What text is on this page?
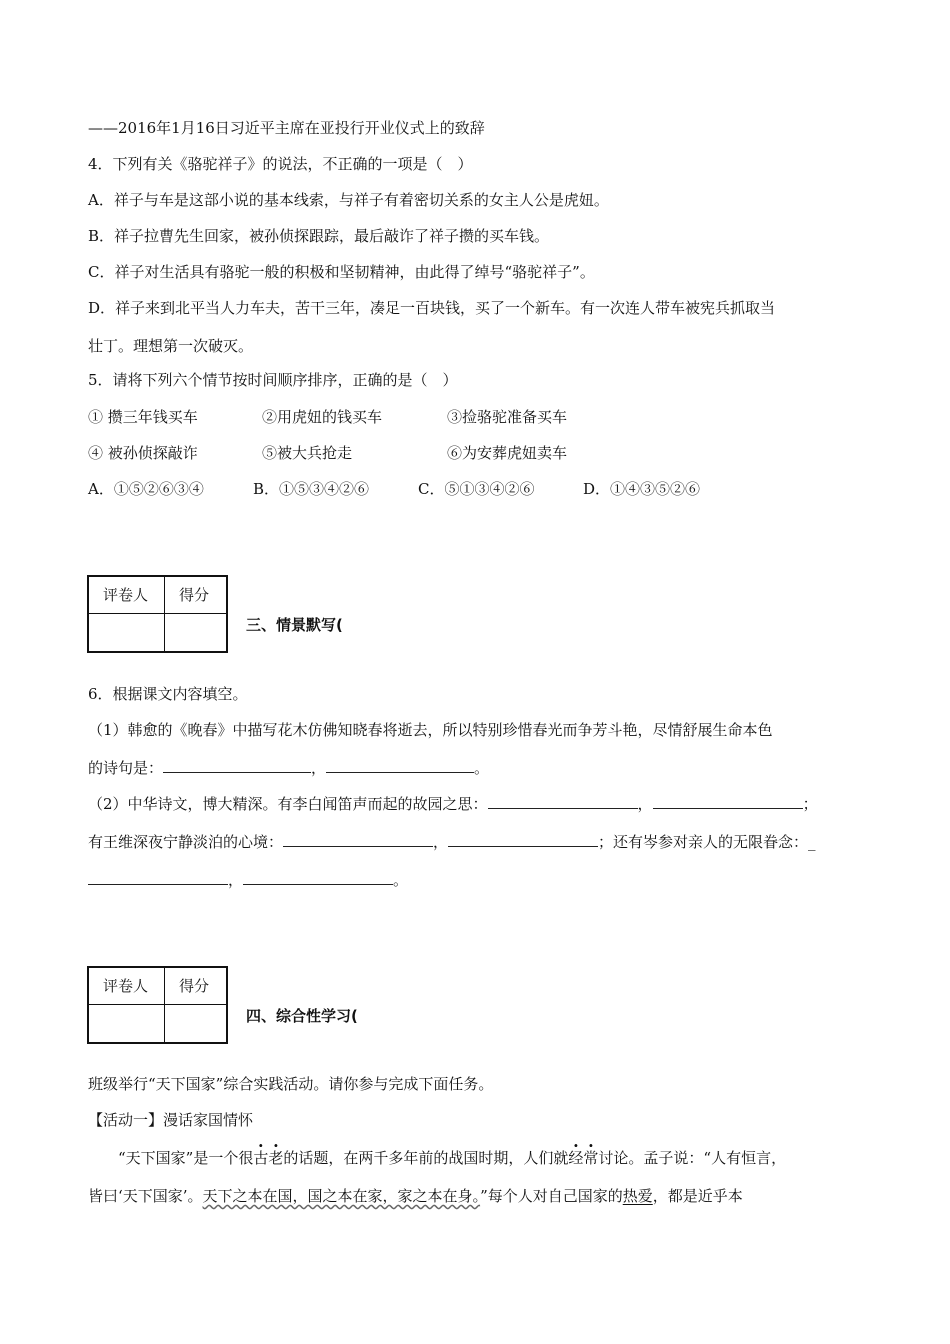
——2016年1月16日习近平主席在亚投行开业仪式上的致辞
4．下列有关《骆驼祥子》的说法，不正确的一项是（　）
A．祥子与车是这部小说的基本线索，与祥子有着密切关系的女主人公是虎妞。
B．祥子拉曹先生回家，被孙侦探跟踪，最后敲诈了祥子攒的买车钱。
C．祥子对生活具有骆驼一般的积极和坚韧精神，由此得了绰号“骆驼祥子”。
D．祥子来到北平当人力车夫，苦干三年，凑足一百块钱，买了一个新车。有一次连人带车被宪兵抓取当
壮丁。理想第一次破灭。
5．请将下列六个情节按时间顺序排序，正确的是（　）
① 攒三年钱买车	②用虎妞的钱买车	③捡骆驼准备买车
④ 被孙侦探敲诈	⑤被大兵抢走	⑥为安葬虎妞卖车
A．①⑤②⑥③④	B．①⑤③④②⑥	C．⑤①③④②⑥	D．①④③⑤②⑥
评卷人 得分
三、情景默写(
6．根据课文内容填空。
（1）韩愈的《晚春》中描写花木仿佛知晓春将逝去，所以特别珍惜春光而争芳斗艳，尽情舒展生命本色
的诗句是：	，	。
（2）中华诗文，博大精深。有李白闻笛声而起的故园之思：	，	；
有王维深夜宁静淡泊的心境：	，	；还有岑参对亲人的无限眷念：_
，	。
评卷人 得分
四、综合性学习(
班级举行“天下国家”综合实践活动。请你参与完成下面任务。
【活动一】漫话家国情怀
“天下国家”是一个很古老的话题，在两千多年前的战国时期，人们就经常讨论。孟子说：“人有恒言，
皆曰‘天下国家’。天下之本在国，国之本在家，家之本在身。”每个人对自己国家的热爱，都是近乎本
